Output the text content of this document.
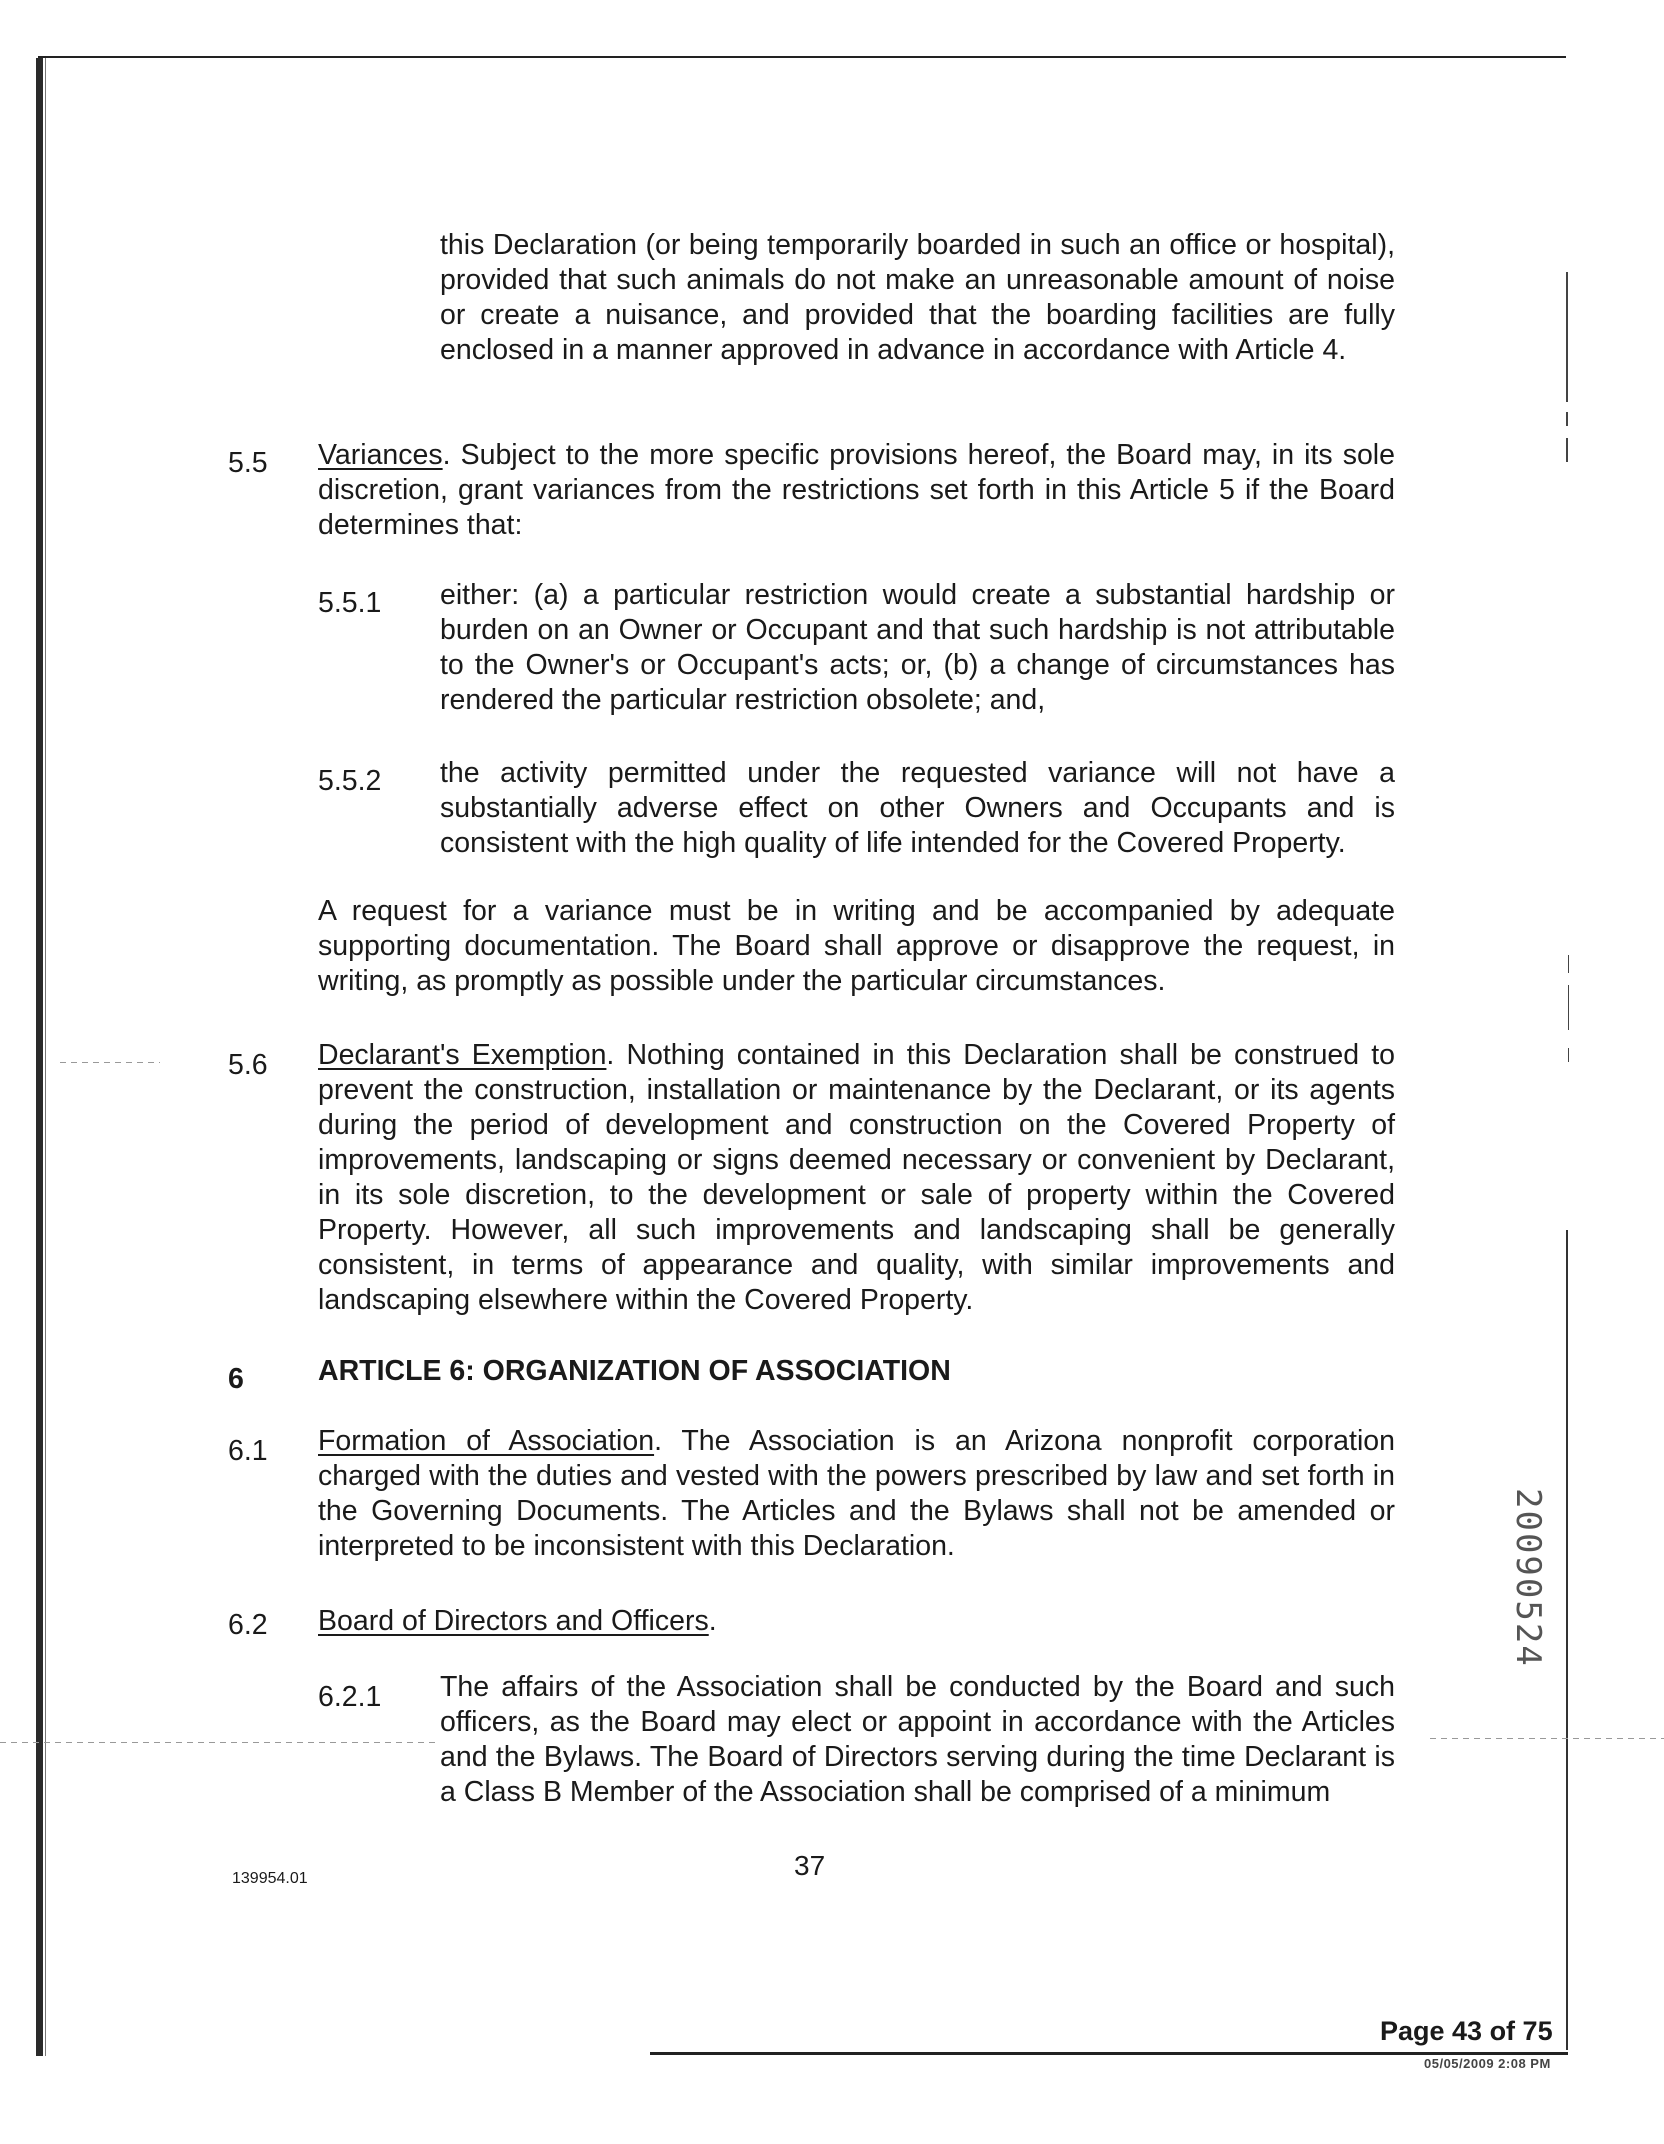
this Declaration (or being temporarily boarded in such an office or hospital), provided that such animals do not make an unreasonable amount of noise or create a nuisance, and provided that the boarding facilities are fully enclosed in a manner approved in advance in accordance with Article 4.

5.5 Variances. Subject to the more specific provisions hereof, the Board may, in its sole discretion, grant variances from the restrictions set forth in this Article 5 if the Board determines that:

5.5.1 either: (a) a particular restriction would create a substantial hardship or burden on an Owner or Occupant and that such hardship is not attributable to the Owner's or Occupant's acts; or, (b) a change of circumstances has rendered the particular restriction obsolete; and,

5.5.2 the activity permitted under the requested variance will not have a substantially adverse effect on other Owners and Occupants and is consistent with the high quality of life intended for the Covered Property.

A request for a variance must be in writing and be accompanied by adequate supporting documentation. The Board shall approve or disapprove the request, in writing, as promptly as possible under the particular circumstances.

5.6 Declarant's Exemption. Nothing contained in this Declaration shall be construed to prevent the construction, installation or maintenance by the Declarant, or its agents during the period of development and construction on the Covered Property of improvements, landscaping or signs deemed necessary or convenient by Declarant, in its sole discretion, to the development or sale of property within the Covered Property. However, all such improvements and landscaping shall be generally consistent, in terms of appearance and quality, with similar improvements and landscaping elsewhere within the Covered Property.

6	ARTICLE 6: ORGANIZATION OF ASSOCIATION
6.1 Formation of Association. The Association is an Arizona nonprofit corporation charged with the duties and vested with the powers prescribed by law and set forth in the Governing Documents. The Articles and the Bylaws shall not be amended or interpreted to be inconsistent with this Declaration.

6.2 Board of Directors and Officers.

6.2.1 The affairs of the Association shall be conducted by the Board and such officers, as the Board may elect or appoint in accordance with the Articles and the Bylaws. The Board of Directors serving during the time Declarant is a Class B Member of the Association shall be comprised of a minimum

20090524
139954.01	37
Page 43 of 75
05/05/2009 2:08 PM
